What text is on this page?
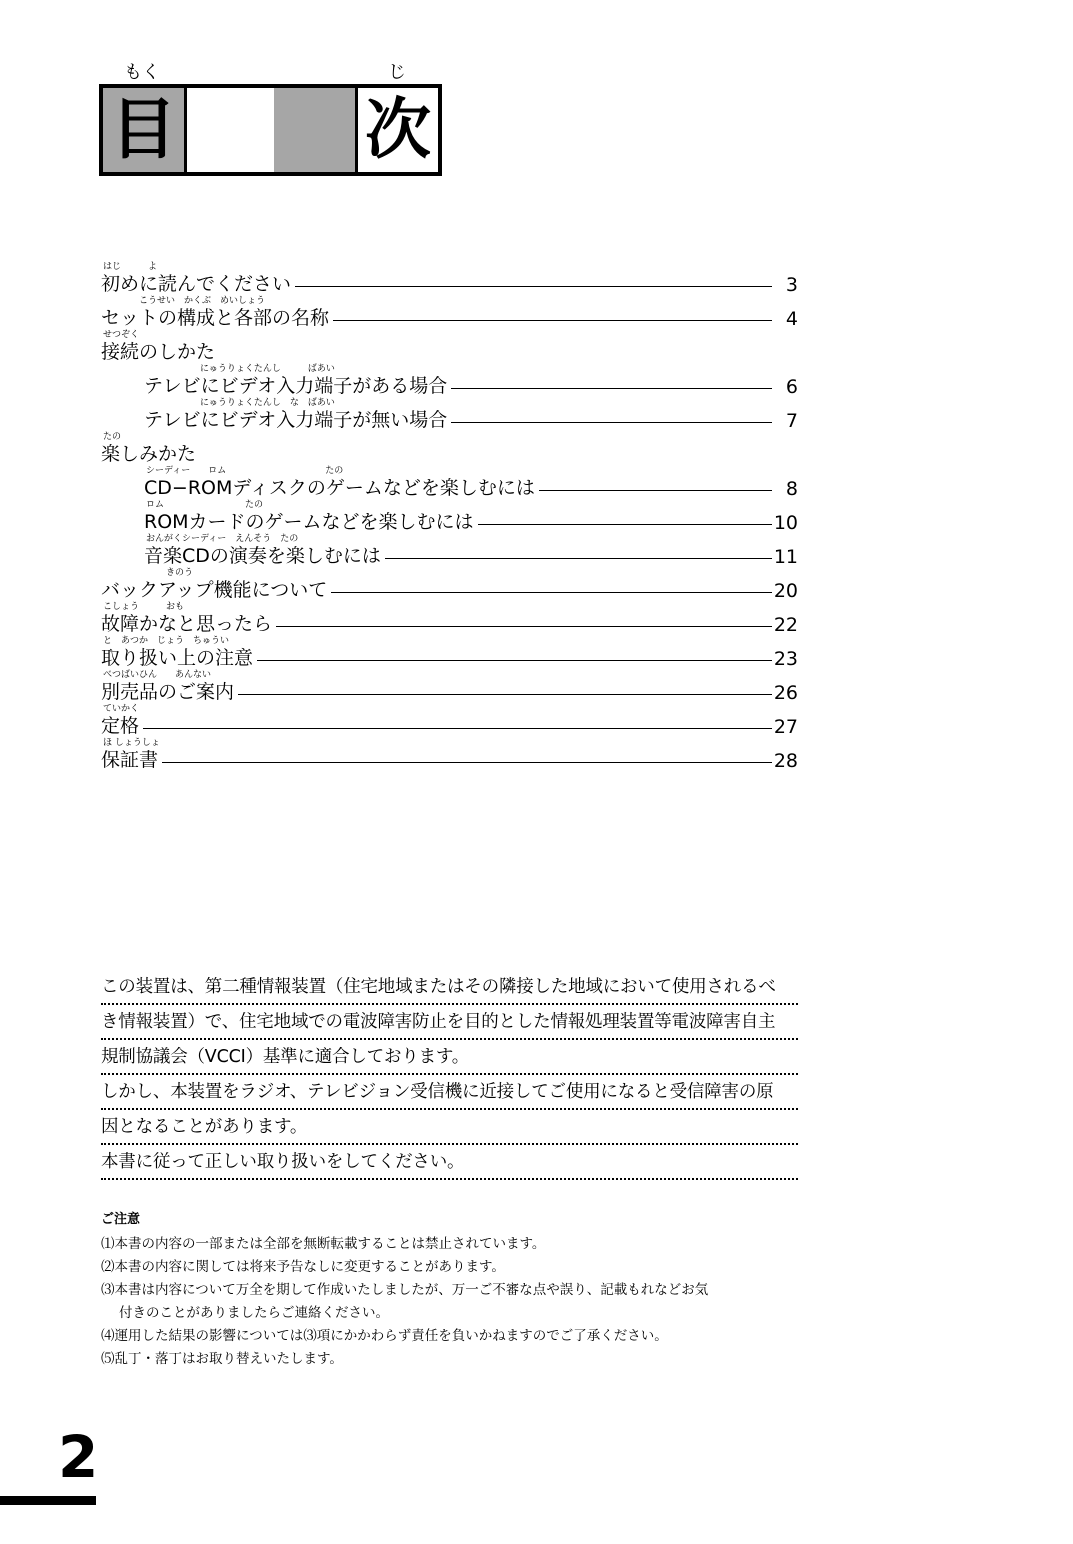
もく	じ
目	次
はじ　　　よ
初めに読んでください	3
　　　　こうせい　かくぶ　めいしょう
セットの構成と各部の名称	4
せつぞく
接続のしかた
　　　　　　にゅうりょくたんし　　　ばあい
テレビにビデオ入力端子がある場合	6
　　　　　　にゅうりょくたんし　な　ばあい
テレビにビデオ入力端子が無い場合	7
たの
楽しみかた
シーディー　　ロム　　　　　　　　　　　たの
CD−ROMディスクのゲームなどを楽しむには	8
ロム　　　　　　　　　たの
ROMカードのゲームなどを楽しむには	10
おんがくシーディー　えんそう　たの
音楽CDの演奏を楽しむには	11
　　　　　　　きのう
バックアップ機能について	20
こしょう　　　おも
故障かなと思ったら	22
と　あつか　じょう　ちゅうい
取り扱い上の注意	23
べつばいひん　　あんない
別売品のご案内	26
ていかく
定格	27
ほ しょうしょ
保証書	28
この装置は、第二種情報装置（住宅地域またはその隣接した地域において使用されるべ
き情報装置）で、住宅地域での電波障害防止を目的とした情報処理装置等電波障害自主
規制協議会（VCCI）基準に適合しております。
しかし、本装置をラジオ、テレビジョン受信機に近接してご使用になると受信障害の原
因となることがあります。
本書に従って正しい取り扱いをしてください。
ご注意
⑴本書の内容の一部または全部を無断転載することは禁止されています。
⑵本書の内容に関しては将来予告なしに変更することがあります。
⑶本書は内容について万全を期して作成いたしましたが、万一ご不審な点や誤り、記載もれなどお気
付きのことがありましたらご連絡ください。
⑷運用した結果の影響については⑶項にかかわらず責任を負いかねますのでご了承ください。
⑸乱丁・落丁はお取り替えいたします。
2
